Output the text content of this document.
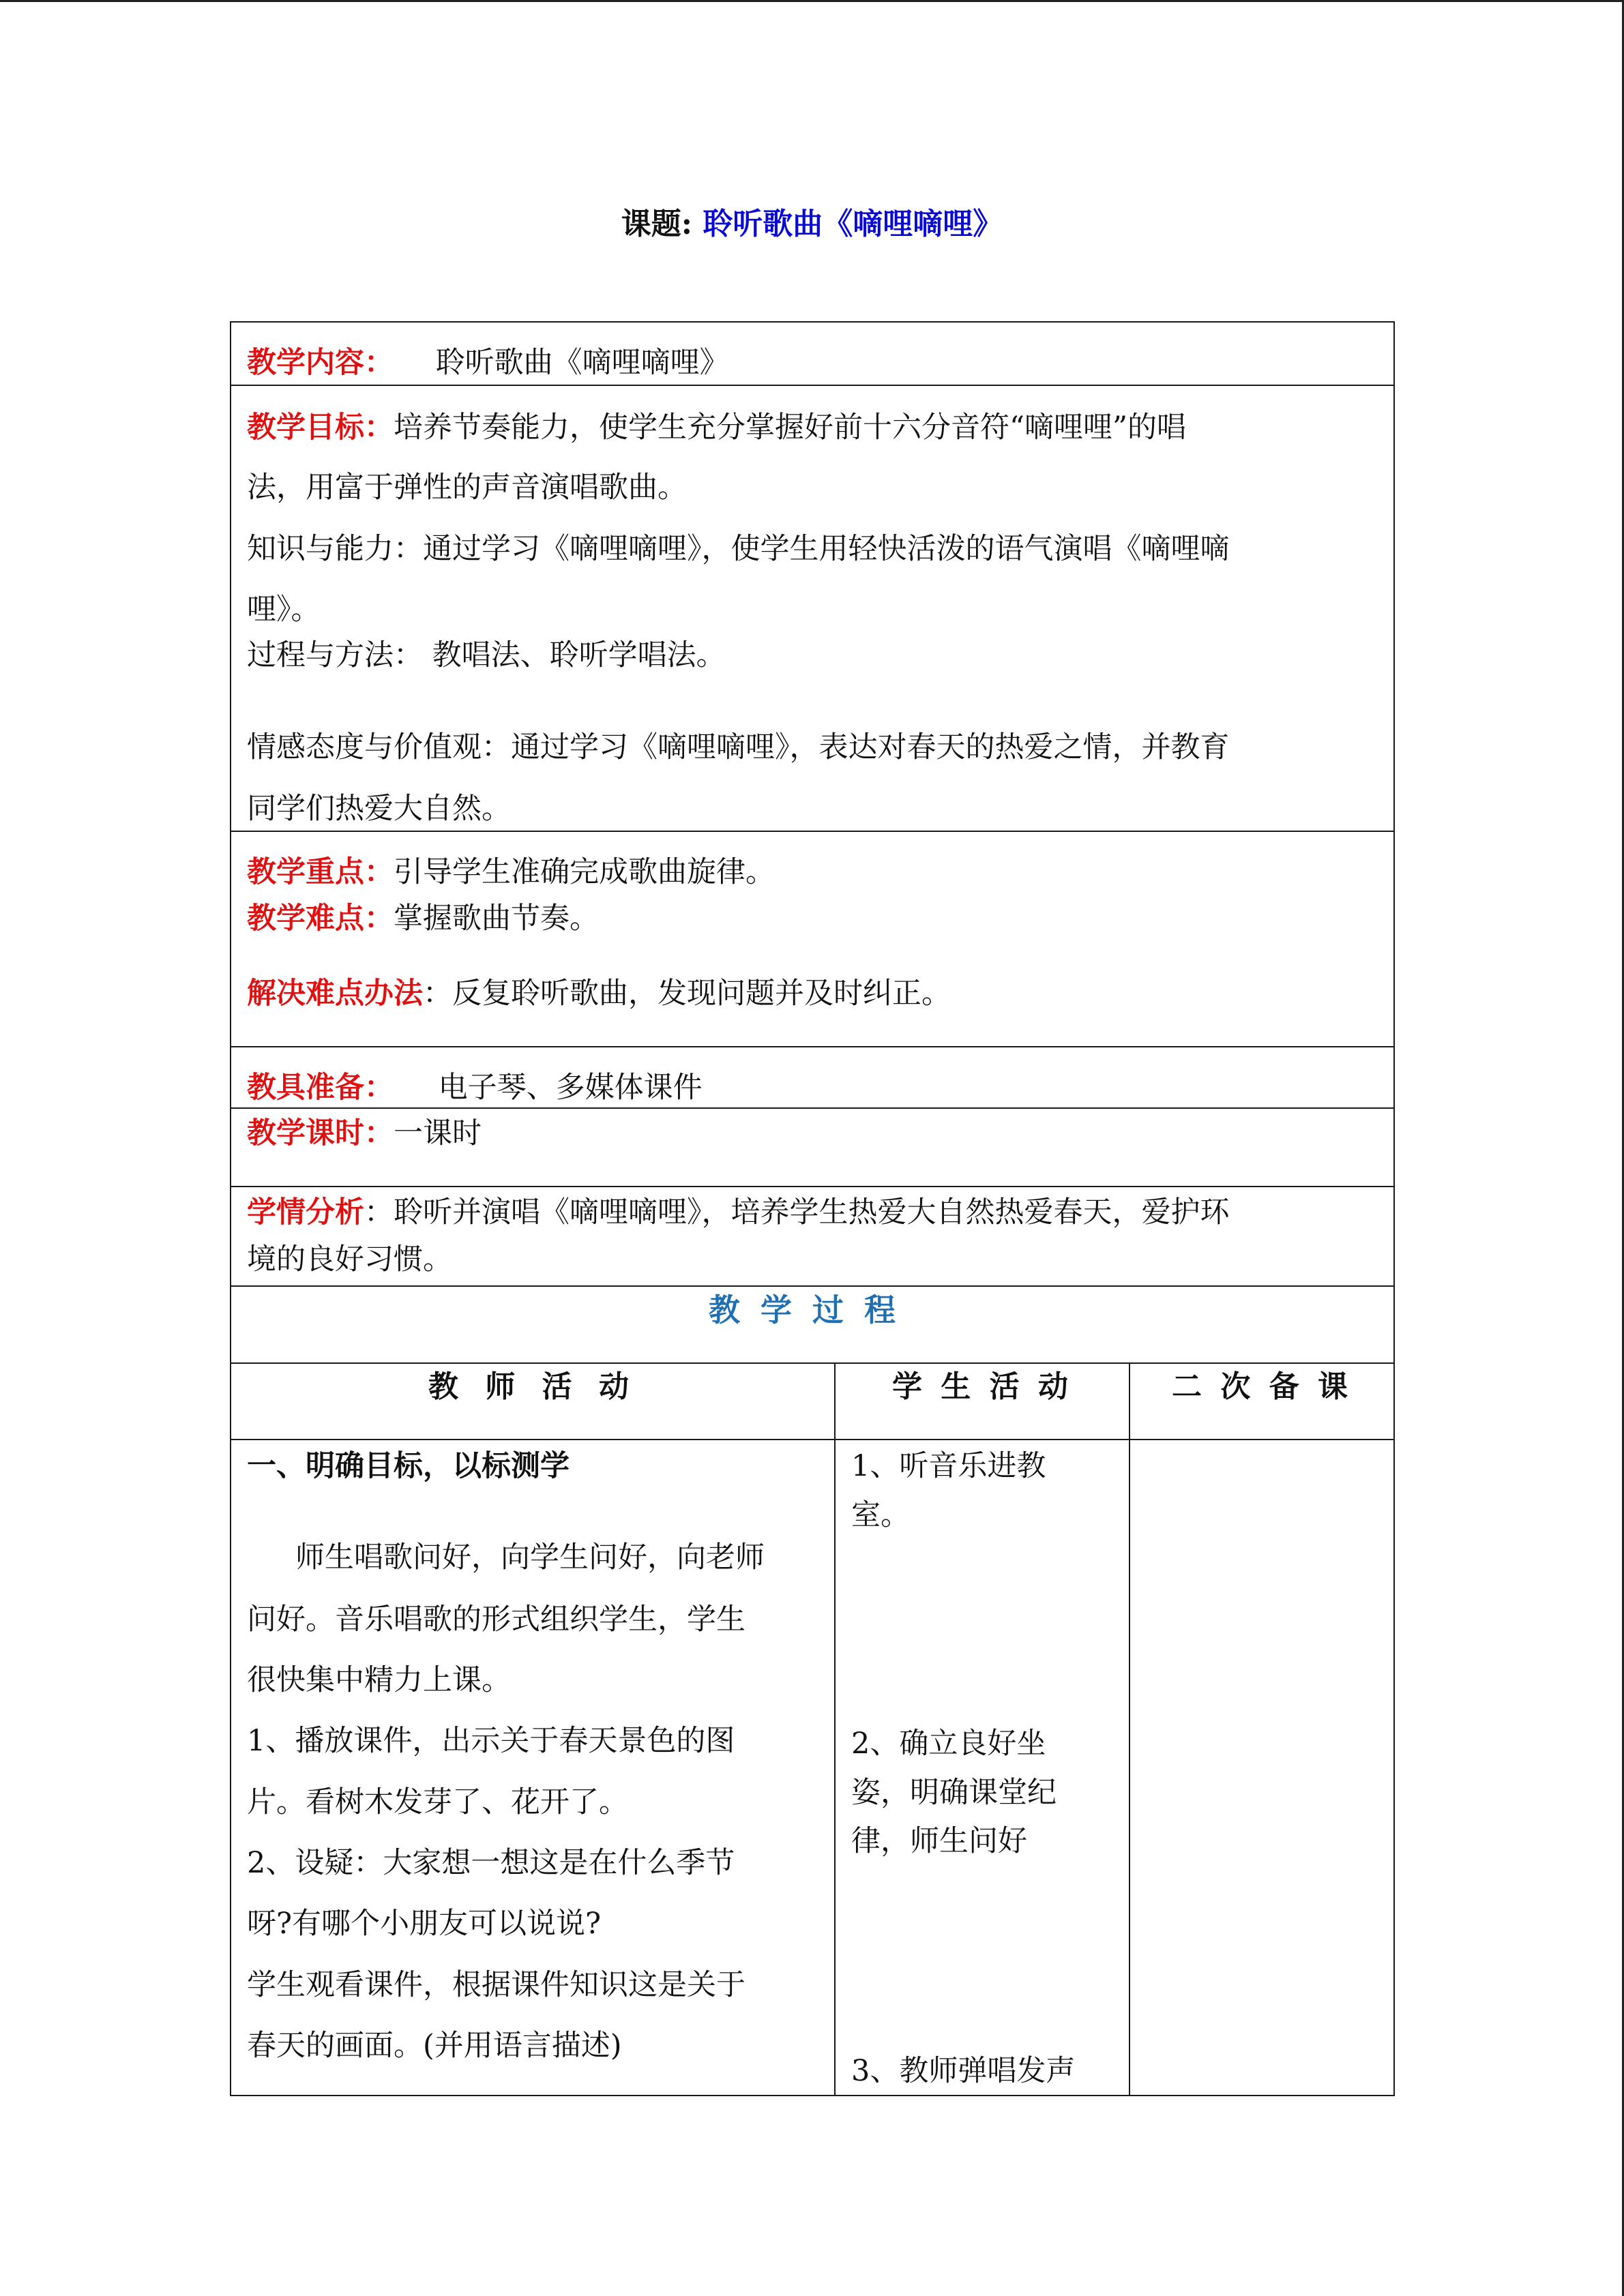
课题: 聆听歌曲《嘀哩嘀哩》
教学内容： 聆听歌曲《嘀哩嘀哩》
教学目标：培养节奏能力，使学生充分掌握好前十六分音符“嘀哩哩”的唱
法，用富于弹性的声音演唱歌曲。
知识与能力：通过学习《嘀哩嘀哩》，使学生用轻快活泼的语气演唱《嘀哩嘀
哩》。
过程与方法： 教唱法、聆听学唱法。
情感态度与价值观：通过学习《嘀哩嘀哩》，表达对春天的热爱之情，并教育
同学们热爱大自然。
教学重点：引导学生准确完成歌曲旋律。
教学难点：掌握歌曲节奏。
解决难点办法：反复聆听歌曲，发现问题并及时纠正。
教具准备： 电子琴、多媒体课件
教学课时：一课时
学情分析：聆听并演唱《嘀哩嘀哩》，培养学生热爱大自然热爱春天，爱护环
境的良好习惯。
教学过程
教 师 活 动	学 生 活 动	二 次 备 课
一、明确目标，以标测学
师生唱歌问好，向学生问好，向老师
问好。音乐唱歌的形式组织学生，学生
很快集中精力上课。
1、播放课件，出示关于春天景色的图
片。看树木发芽了、花开了。
2、设疑：大家想一想这是在什么季节
呀?有哪个小朋友可以说说?
学生观看课件，根据课件知识这是关于
春天的画面。(并用语言描述)
1、听音乐进教
室。
2、确立良好坐
姿，明确课堂纪
律，师生问好
3、教师弹唱发声
